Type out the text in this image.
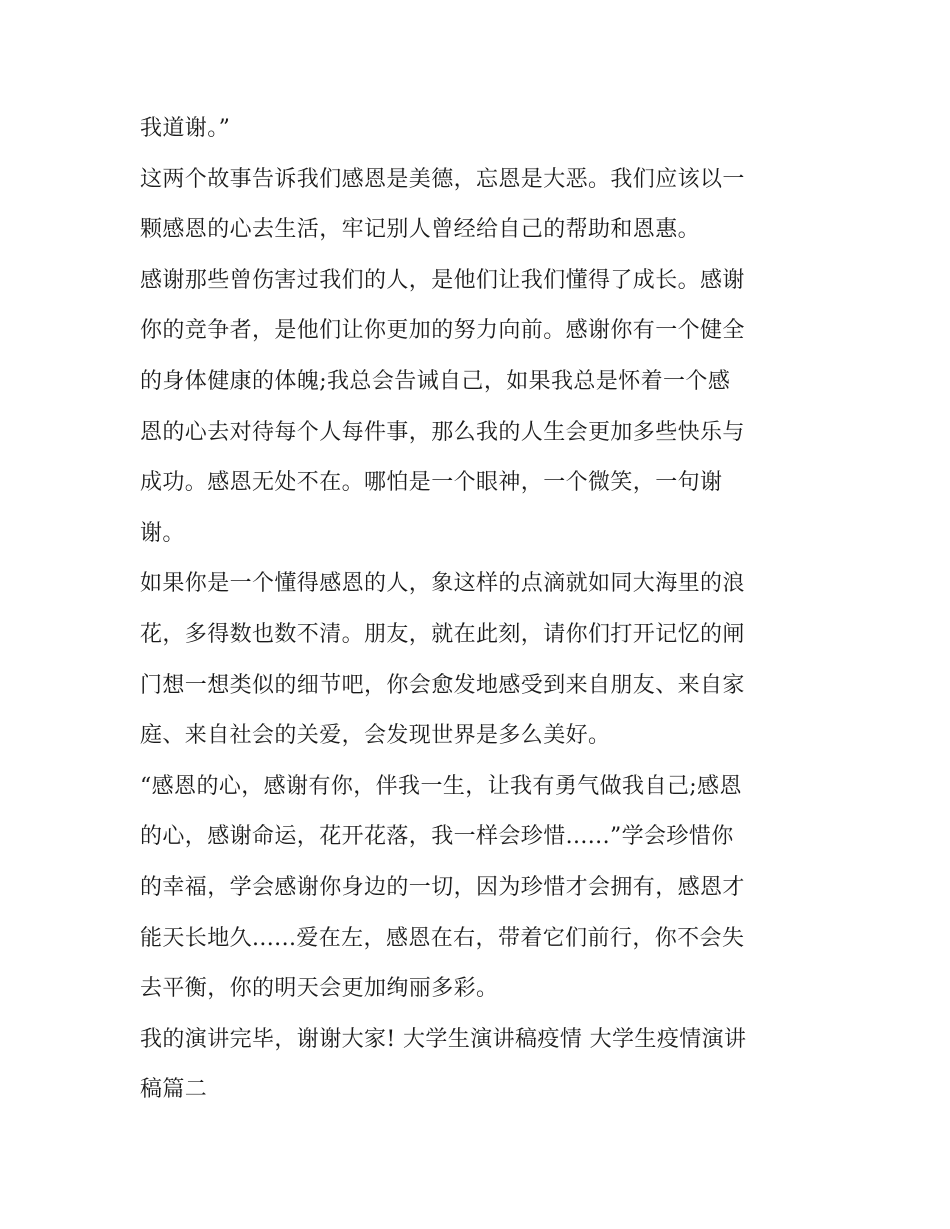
我道谢。”
这两个故事告诉我们感恩是美德，忘恩是大恶。我们应该以一
颗感恩的心去生活，牢记别人曾经给自己的帮助和恩惠。
感谢那些曾伤害过我们的人，是他们让我们懂得了成长。感谢
你的竞争者，是他们让你更加的努力向前。感谢你有一个健全
的身体健康的体魄;我总会告诫自己，如果我总是怀着一个感
恩的心去对待每个人每件事，那么我的人生会更加多些快乐与
成功。感恩无处不在。哪怕是一个眼神，一个微笑，一句谢
谢。
如果你是一个懂得感恩的人，象这样的点滴就如同大海里的浪
花，多得数也数不清。朋友，就在此刻，请你们打开记忆的闸
门想一想类似的细节吧，你会愈发地感受到来自朋友、来自家
庭、来自社会的关爱，会发现世界是多么美好。
“感恩的心，感谢有你，伴我一生，让我有勇气做我自己;感恩
的心，感谢命运，花开花落，我一样会珍惜......”学会珍惜你
的幸福，学会感谢你身边的一切，因为珍惜才会拥有，感恩才
能天长地久......爱在左，感恩在右，带着它们前行，你不会失
去平衡，你的明天会更加绚丽多彩。
我的演讲完毕，谢谢大家! 大学生演讲稿疫情 大学生疫情演讲
稿篇二
